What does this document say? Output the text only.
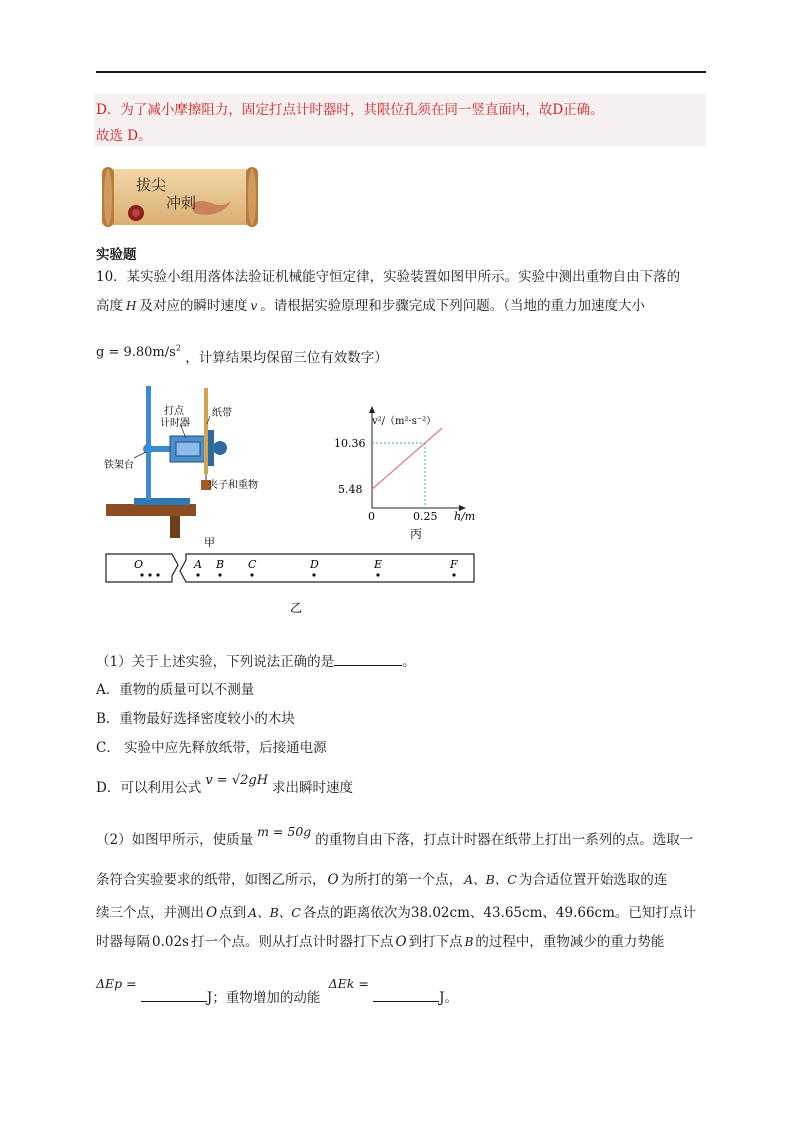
D．为了减小摩擦阻力，固定打点计时器时，其限位孔须在同一竖直面内，故D正确。
故选 D。
拔尖
冲刺
实验题
10．某实验小组用落体法验证机械能守恒定律，实验装置如图甲所示。实验中测出重物自由下落的
高度 H 及对应的瞬时速度 v 。请根据实验原理和步骤完成下列问题。（当地的重力加速度大小
$g = 9.80m/s^2$ ，计算结果均保留三位有效数字）
打点
计时器
纸带
铁架台
夹子和重物
甲
v²/（m²·s⁻²）
h/m
10.36
5.48
0	0.25
丙
O	A B C	D	E	F
乙
（1）关于上述实验，下列说法正确的是	。
A．重物的质量可以不测量
B．重物最好选择密度较小的木块
C． 实验中应先释放纸带，后接通电源
D．可以利用公式 v = √2gH 求出瞬时速度
（2）如图甲所示，使质量m = 50g的重物自由下落，打点计时器在纸带上打出一系列的点。选取一
条符合实验要求的纸带，如图乙所示， O 为所打的第一个点， A、B、C 为合适位置开始选取的连
续三个点，并测出 O 点到 A、B、C 各点的距离依次为38.02cm、43.65cm、49.66cm。已知打点计
时器每隔 0.02s 打一个点。则从打点计时器打下点 O 到打下点 B 的过程中，重物减少的重力势能
ΔEp = J；重物增加的动能 ΔEk = J。
